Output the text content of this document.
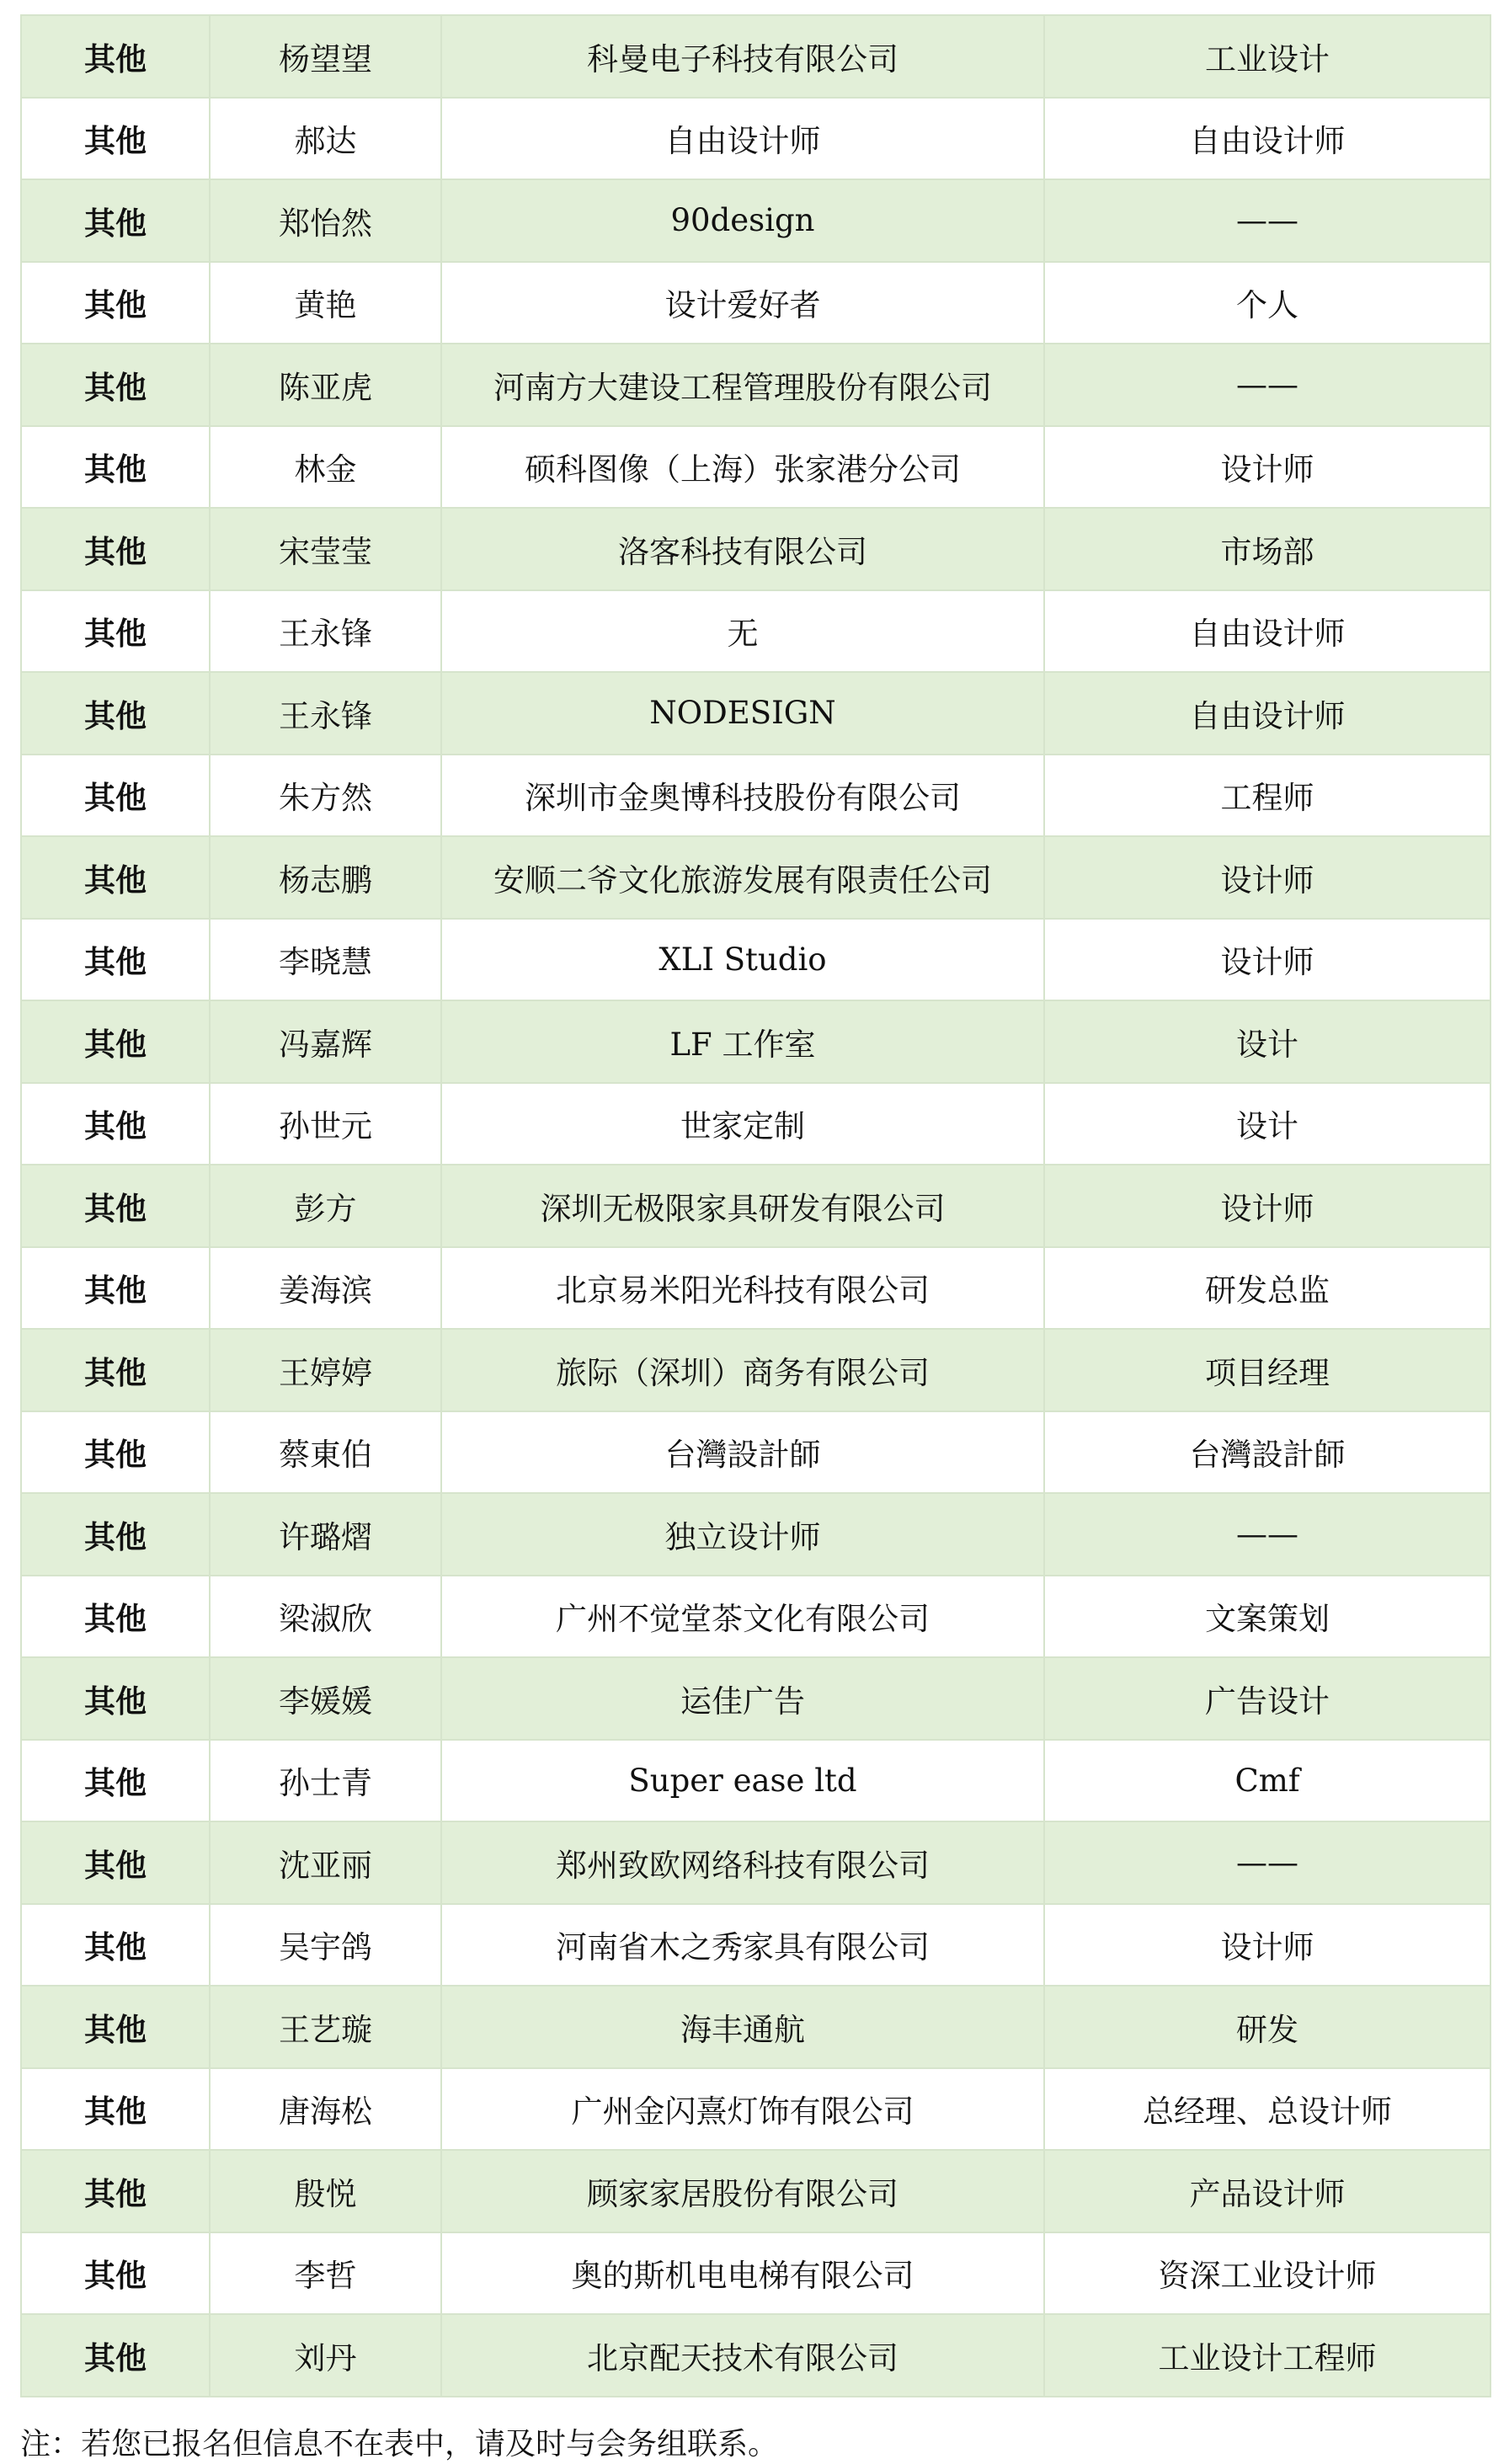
其他	杨望望	科曼电子科技有限公司	工业设计
其他	郝达	自由设计师	自由设计师
其他	郑怡然	90design	——
其他	黄艳	设计爱好者	个人
其他	陈亚虎	河南方大建设工程管理股份有限公司	——
其他	林金	硕科图像（上海）张家港分公司	设计师
其他	宋莹莹	洛客科技有限公司	市场部
其他	王永锋	无	自由设计师
其他	王永锋	NODESIGN	自由设计师
其他	朱方然	深圳市金奥博科技股份有限公司	工程师
其他	杨志鹏	安顺二爷文化旅游发展有限责任公司	设计师
其他	李晓慧	XLI Studio	设计师
其他	冯嘉辉	LF 工作室	设计
其他	孙世元	世家定制	设计
其他	彭方	深圳无极限家具研发有限公司	设计师
其他	姜海滨	北京易米阳光科技有限公司	研发总监
其他	王婷婷	旅际（深圳）商务有限公司	项目经理
其他	蔡東伯	台灣設計師	台灣設計師
其他	许璐熠	独立设计师	——
其他	梁淑欣	广州不觉堂茶文化有限公司	文案策划
其他	李媛媛	运佳广告	广告设计
其他	孙士青	Super ease ltd	Cmf
其他	沈亚丽	郑州致欧网络科技有限公司	——
其他	吴宇鸽	河南省木之秀家具有限公司	设计师
其他	王艺璇	海丰通航	研发
其他	唐海松	广州金闪熹灯饰有限公司	总经理、总设计师
其他	殷悦	顾家家居股份有限公司	产品设计师
其他	李哲	奥的斯机电电梯有限公司	资深工业设计师
其他	刘丹	北京配天技术有限公司	工业设计工程师
注：若您已报名但信息不在表中，请及时与会务组联系。
